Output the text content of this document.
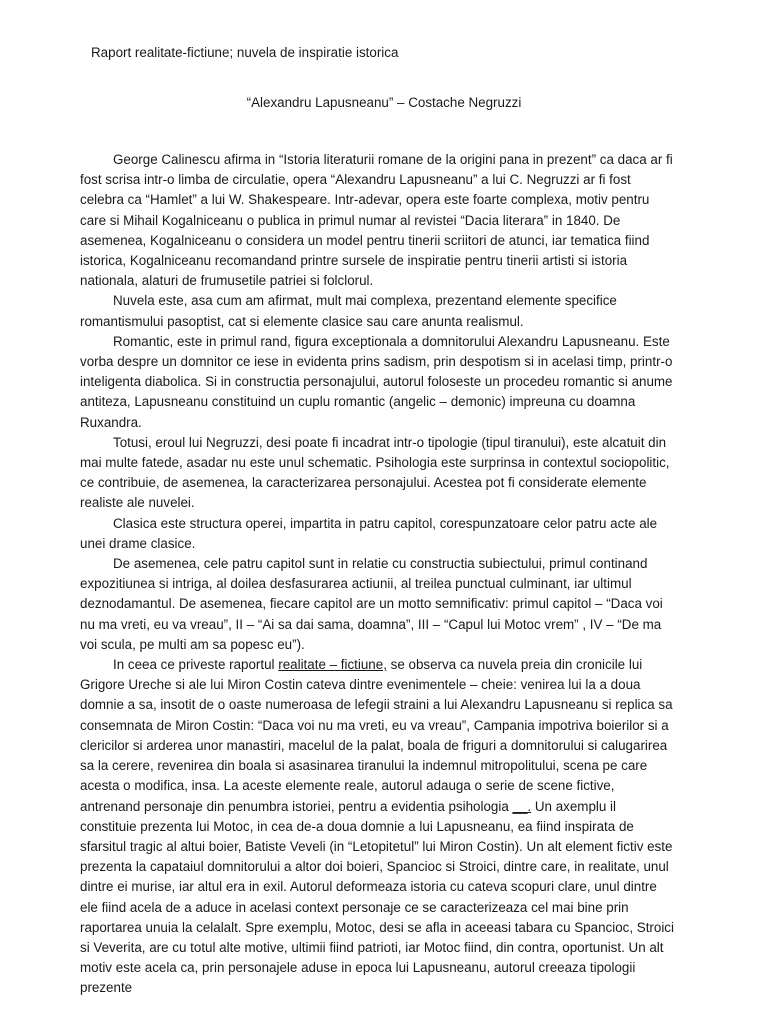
Raport realitate-fictiune; nuvela de inspiratie istorica
“Alexandru Lapusneanu” – Costache Negruzzi

George Calinescu afirma in “Istoria literaturii romane de la origini pana in prezent” ca daca ar fi fost scrisa intr-o limba de circulatie, opera “Alexandru Lapusneanu” a lui C. Negruzzi ar fi fost celebra ca “Hamlet” a lui W. Shakespeare. Intr-adevar, opera este foarte complexa, motiv pentru care si Mihail Kogalniceanu o publica in primul numar al revistei “Dacia literara” in 1840. De asemenea, Kogalniceanu o considera un model pentru tinerii scriitori de atunci, iar tematica fiind istorica, Kogalniceanu recomandand printre sursele de inspiratie pentru tinerii artisti si istoria nationala, alaturi de frumusetile patriei si folclorul.

Nuvela este, asa cum am afirmat, mult mai complexa, prezentand elemente specifice romantismului pasoptist, cat si elemente clasice sau care anunta realismul.

Romantic, este in primul rand, figura exceptionala a domnitorului Alexandru Lapusneanu. Este vorba despre un domnitor ce iese in evidenta prins sadism, prin despotism si in acelasi timp, printr-o inteligenta diabolica. Si in constructia personajului, autorul foloseste un procedeu romantic si anume antiteza, Lapusneanu constituind un cuplu romantic (angelic – demonic) impreuna cu doamna Ruxandra.

Totusi, eroul lui Negruzzi, desi poate fi incadrat intr-o tipologie (tipul tiranului), este alcatuit din mai multe fatede, asadar nu este unul schematic. Psihologia este surprinsa in contextul sociopolitic, ce contribuie, de asemenea, la caracterizarea personajului. Acestea pot fi considerate elemente realiste ale nuvelei.

Clasica este structura operei, impartita in patru capitol, corespunzatoare celor patru acte ale unei drame clasice.

De asemenea, cele patru capitol sunt in relatie cu constructia subiectului, primul continand expozitiunea si intriga, al doilea desfasurarea actiunii, al treilea punctual culminant, iar ultimul deznodamantul. De asemenea, fiecare capitol are un motto semnificativ: primul capitol – “Daca voi nu ma vreti, eu va vreau”, II – “Ai sa dai sama, doamna”, III – “Capul lui Motoc vrem” , IV – “De ma voi scula, pe multi am sa popesc eu”).

In ceea ce priveste raportul realitate – fictiune, se observa ca nuvela preia din cronicile lui Grigore Ureche si ale lui Miron Costin cateva dintre evenimentele – cheie: venirea lui la a doua domnie a sa, insotit de o oaste numeroasa de lefegii straini a lui Alexandru Lapusneanu si replica sa consemnata de Miron Costin: “Daca voi nu ma vreti, eu va vreau”, Campania impotriva boierilor si a clericilor si arderea unor manastiri, macelul de la palat, boala de friguri a domnitorului si calugarirea sa la cerere, revenirea din boala si asasinarea tiranului la indemnul mitropolitului, scena pe care acesta o modifica, insa. La aceste elemente reale, autorul adauga o serie de scene fictive, antrenand personaje din penumbra istoriei, pentru a evidentia psihologia __. Un axemplu il constituie prezenta lui Motoc, in cea de-a doua domnie a lui Lapusneanu, ea fiind inspirata de sfarsitul tragic al altui boier, Batiste Veveli (in “Letopitetul” lui Miron Costin). Un alt element fictiv este prezenta la capataiul domnitorului a altor doi boieri, Spancioc si Stroici, dintre care, in realitate, unul dintre ei murise, iar altul era in exil. Autorul deformeaza istoria cu cateva scopuri clare, unul dintre ele fiind acela de a aduce in acelasi context personaje ce se caracterizeaza cel mai bine prin raportarea unuia la celalalt. Spre exemplu, Motoc, desi se afla in aceeasi tabara cu Spancioc, Stroici si Veverita, are cu totul alte motive, ultimii fiind patrioti, iar Motoc fiind, din contra, oportunist. Un alt motiv este acela ca, prin personajele aduse in epoca lui Lapusneanu, autorul creeaza tipologii prezente
